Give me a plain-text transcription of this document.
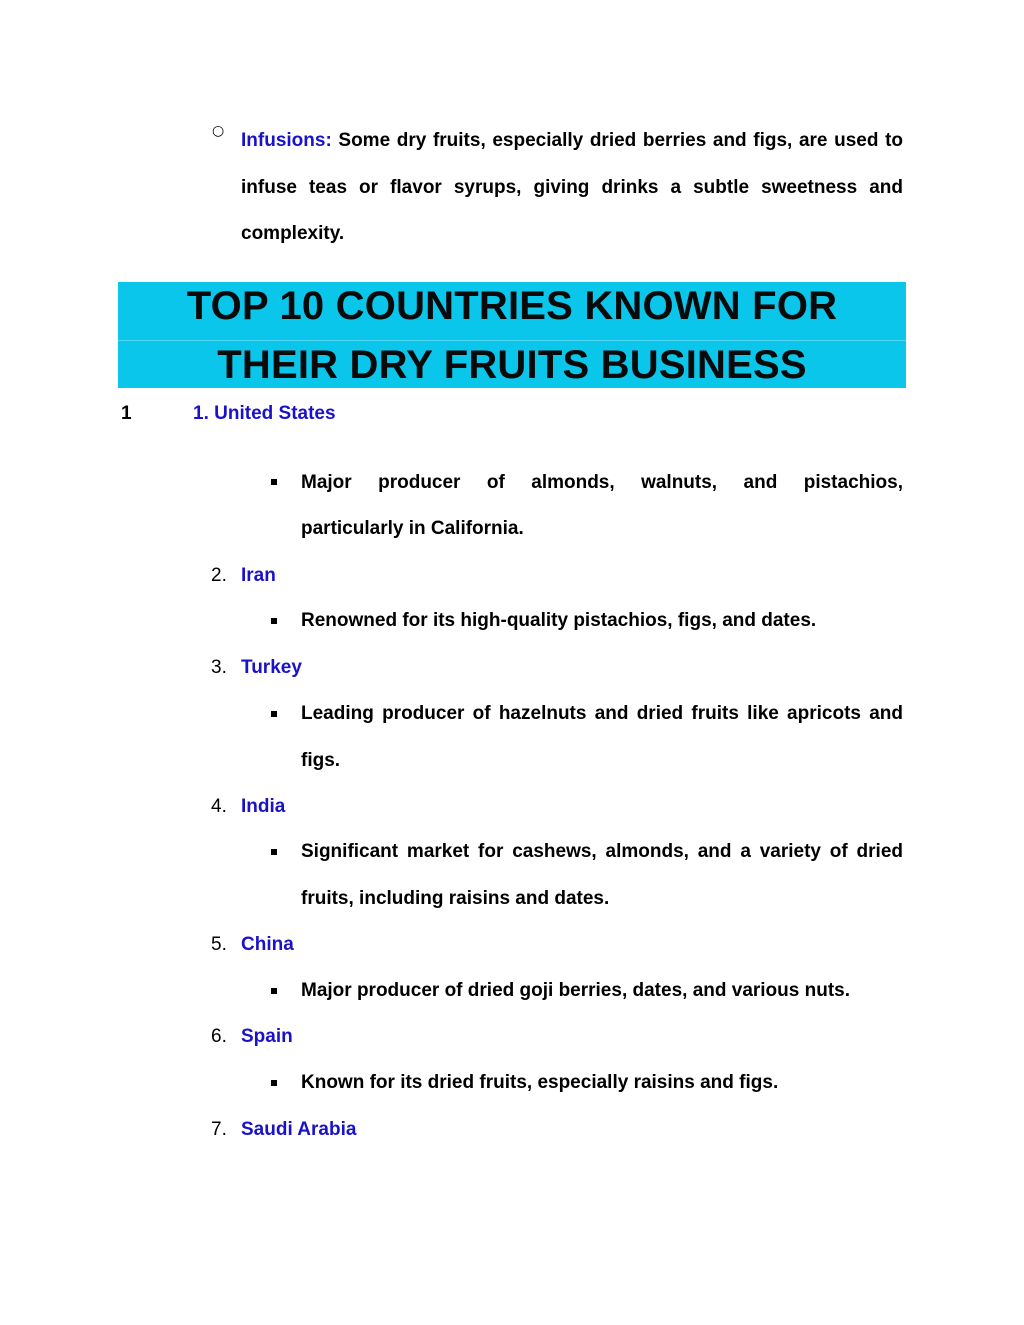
○ Infusions: Some dry fruits, especially dried berries and figs, are used to infuse teas or flavor syrups, giving drinks a subtle sweetness and complexity.
TOP 10 COUNTRIES KNOWN FOR
THEIR DRY FRUITS BUSINESS
1	1. United States
Major producer of almonds, walnuts, and pistachios,
particularly in California.
2. Iran
Renowned for its high-quality pistachios, figs, and dates.
3. Turkey
Leading producer of hazelnuts and dried fruits like apricots and figs.
4. India
Significant market for cashews, almonds, and a variety of dried fruits, including raisins and dates.
5. China
Major producer of dried goji berries, dates, and various nuts.
6. Spain
Known for its dried fruits, especially raisins and figs.
7. Saudi Arabia
